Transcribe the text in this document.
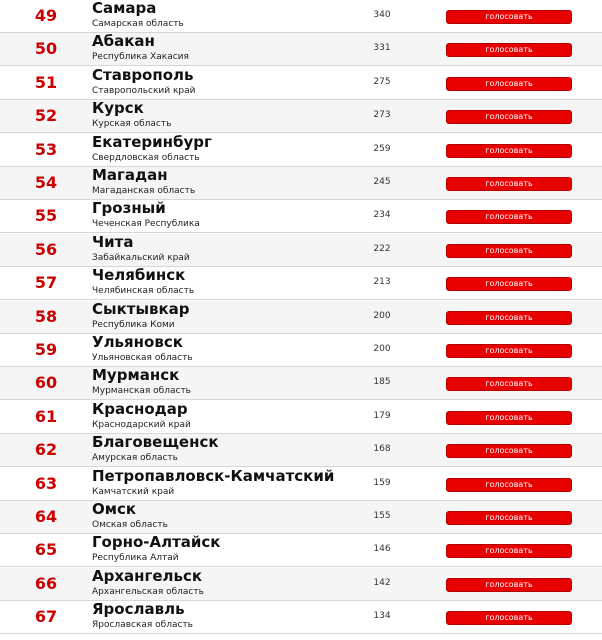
49	Самара
Самарская область
340	голосовать
50	Абакан
Республика Хакасия
331	голосовать
51	Ставрополь
Ставропольский край
275	голосовать
52	Курск
Курская область
273	голосовать
53	Екатеринбург
Свердловская область
259	голосовать
54	Магадан
Магаданская область
245	голосовать
55	Грозный
Чеченская Республика
234	голосовать
56	Чита
Забайкальский край
222	голосовать
57	Челябинск
Челябинская область
213	голосовать
58	Сыктывкар
Республика Коми
200	голосовать
59	Ульяновск
Ульяновская область
200	голосовать
60	Мурманск
Мурманская область
185	голосовать
61	Краснодар
Краснодарский край
179	голосовать
62	Благовещенск
Амурская область
168	голосовать
63	Петропавловск-Камчатский
Камчатский край
159	голосовать
64	Омск
Омская область
155	голосовать
65	Горно-Алтайск
Республика Алтай
146	голосовать
66	Архангельск
Архангельская область
142	голосовать
67	Ярославль
Ярославская область
134	голосовать
